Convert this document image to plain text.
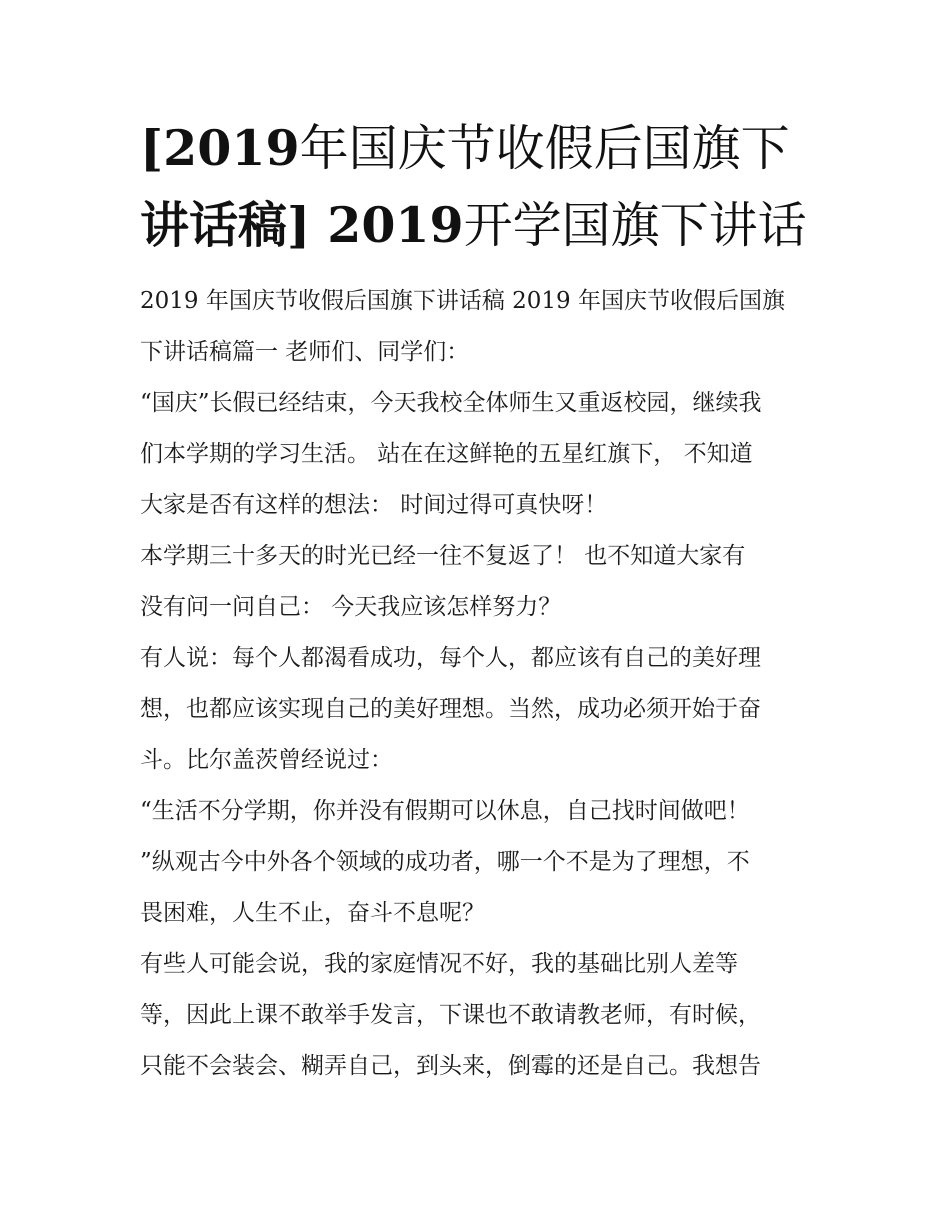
[2019年国庆节收假后国旗下
讲话稿] 2019开学国旗下讲话
2019 年国庆节收假后国旗下讲话稿 2019 年国庆节收假后国旗
下讲话稿篇一 老师们、同学们：
“国庆”长假已经结束，今天我校全体师生又重返校园，继续我
们本学期的学习生活。 站在在这鲜艳的五星红旗下， 不知道
大家是否有这样的想法： 时间过得可真快呀！
本学期三十多天的时光已经一往不复返了！ 也不知道大家有
没有问一问自己： 今天我应该怎样努力？
有人说：每个人都渴看成功，每个人，都应该有自己的美好理
想，也都应该实现自己的美好理想。当然，成功必须开始于奋
斗。比尔盖茨曾经说过：
“生活不分学期，你并没有假期可以休息，自己找时间做吧！
”纵观古今中外各个领域的成功者，哪一个不是为了理想，不
畏困难，人生不止，奋斗不息呢？
有些人可能会说，我的家庭情况不好，我的基础比别人差等
等，因此上课不敢举手发言，下课也不敢请教老师，有时候，
只能不会装会、糊弄自己，到头来，倒霉的还是自己。我想告
